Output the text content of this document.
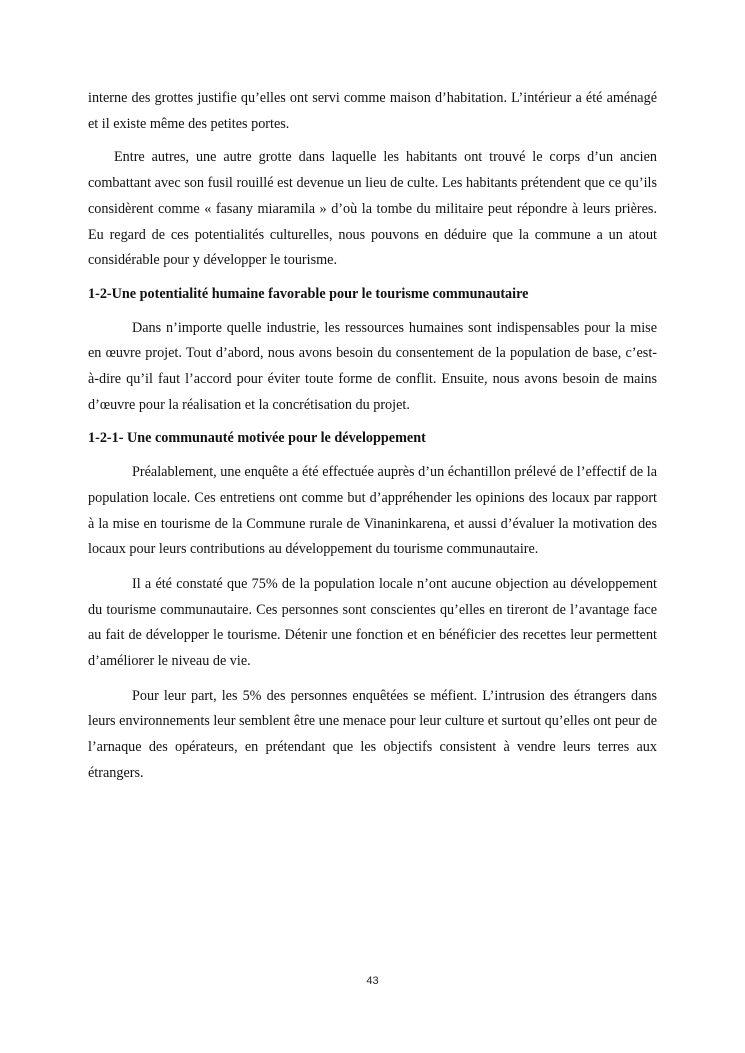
interne des grottes justifie qu’elles ont servi comme maison d’habitation. L’intérieur a été aménagé et il existe même des petites portes.

Entre autres, une autre grotte dans laquelle les habitants ont trouvé le corps d’un ancien combattant avec son fusil rouillé est devenue un lieu de culte. Les habitants prétendent que ce qu’ils considèrent comme « fasany miaramila » d’où la tombe du militaire peut répondre à leurs prières. Eu regard de ces potentialités culturelles, nous pouvons en déduire que la commune a un atout considérable pour y développer le tourisme.

1-2-Une potentialité humaine favorable pour le tourisme communautaire

Dans n’importe quelle industrie, les ressources humaines sont indispensables pour la mise en œuvre projet. Tout d’abord, nous avons besoin du consentement de la population de base, c’est-à-dire qu’il faut l’accord pour éviter toute forme de conflit. Ensuite, nous avons besoin de mains d’œuvre pour la réalisation et la concrétisation du projet.

1-2-1- Une communauté motivée pour le développement

Préalablement, une enquête a été effectuée auprès d’un échantillon prélevé de l’effectif de la population locale. Ces entretiens ont comme but d’appréhender les opinions des locaux par rapport à la mise en tourisme de la Commune rurale de Vinaninkarena, et aussi d’évaluer la motivation des locaux pour leurs contributions au développement du tourisme communautaire.

Il a été constaté que 75% de la population locale n’ont aucune objection au développement du tourisme communautaire. Ces personnes sont conscientes qu’elles en tireront de l’avantage face au fait de développer le tourisme. Détenir une fonction et en bénéficier des recettes leur permettent d’améliorer le niveau de vie.

Pour leur part, les 5% des personnes enquêtées se méfient. L’intrusion des étrangers dans leurs environnements leur semblent être une menace pour leur culture et surtout qu’elles ont peur de l’arnaque des opérateurs, en prétendant que les objectifs consistent à vendre leurs terres aux étrangers.

43
